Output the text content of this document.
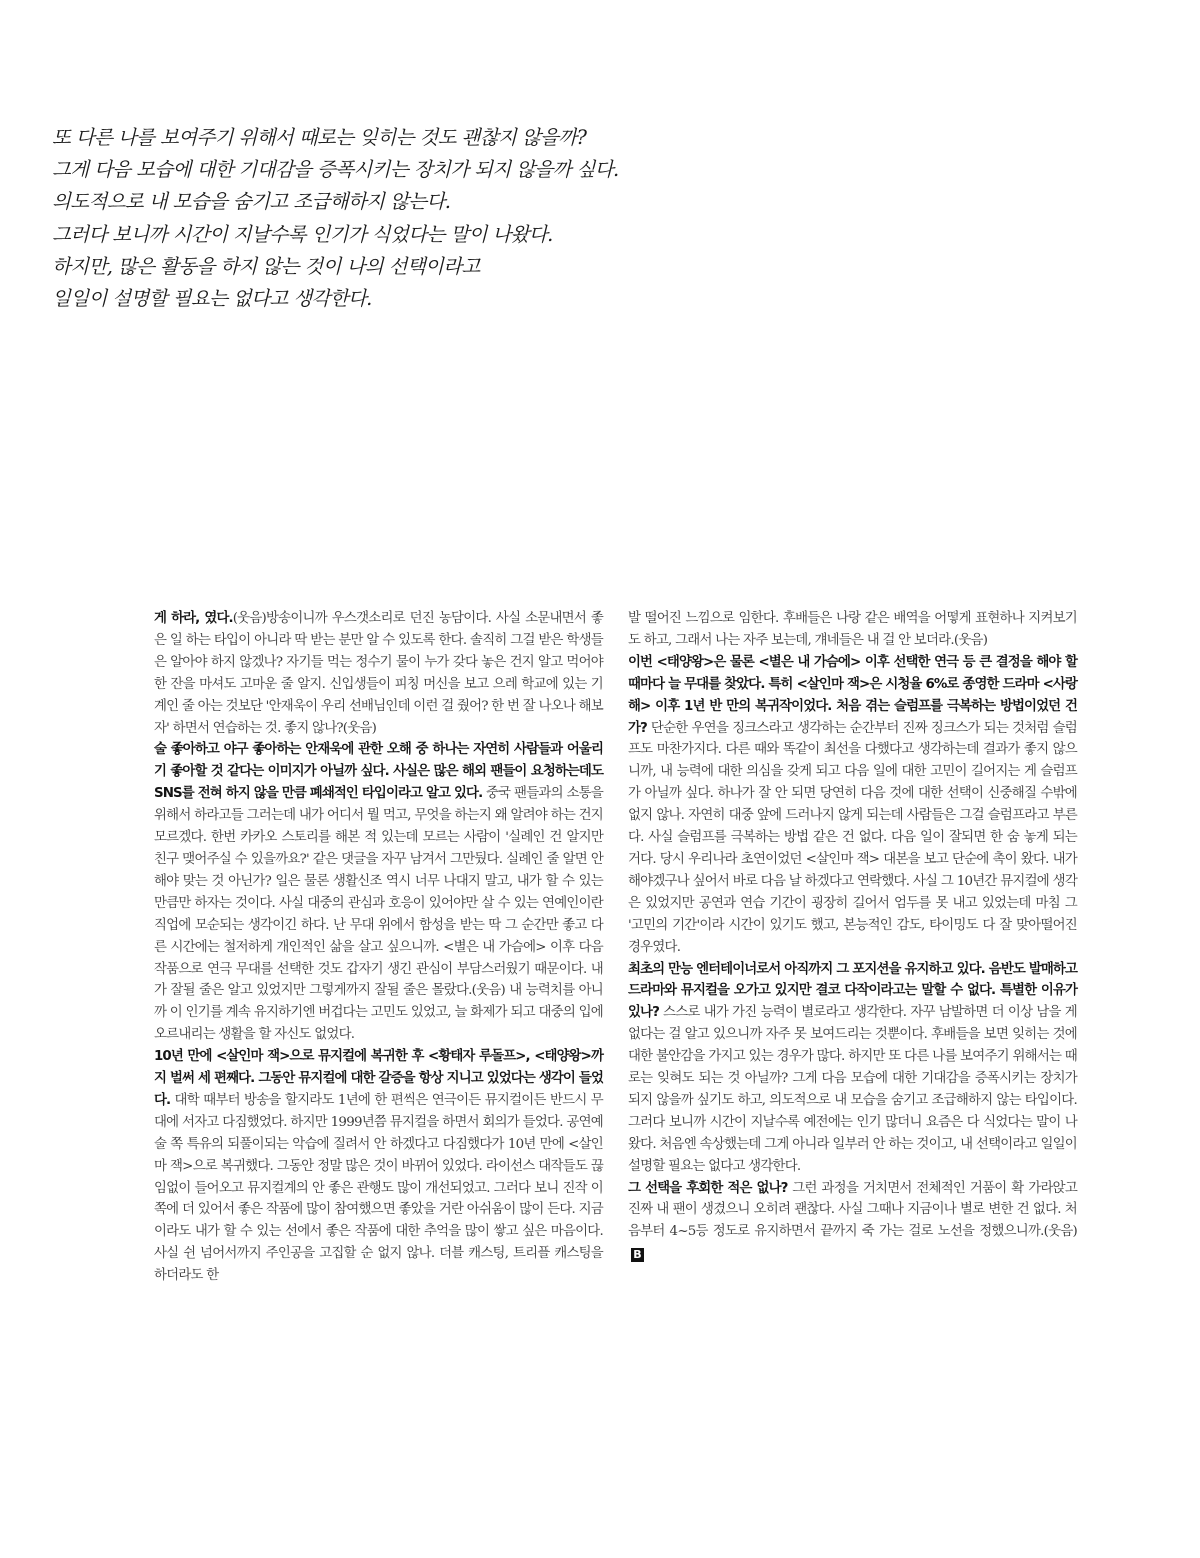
또 다른 나를 보여주기 위해서 때로는 잊히는 것도 괜찮지 않을까?
그게 다음 모습에 대한 기대감을 증폭시키는 장치가 되지 않을까 싶다.
의도적으로 내 모습을 숨기고 조급해하지 않는다.
그러다 보니까 시간이 지날수록 인기가 식었다는 말이 나왔다.
하지만, 많은 활동을 하지 않는 것이 나의 선택이라고
일일이 설명할 필요는 없다고 생각한다.

게 하라, 였다.(웃음)방송이니까 우스갯소리로 던진 농담이다. 사실 소문내면서 좋은 일 하는 타입이 아니라 딱 받는 분만 알 수 있도록 한다. 솔직히 그걸 받은 학생들은 알아야 하지 않겠나? 자기들 먹는 정수기 물이 누가 갖다 놓은 건지 알고 먹어야 한 잔을 마셔도 고마운 줄 알지. 신입생들이 피칭 머신을 보고 으레 학교에 있는 기계인 줄 아는 것보단 '안재욱이 우리 선배님인데 이런 걸 줬어? 한 번 잘 나오나 해보자' 하면서 연습하는 것. 좋지 않나?(웃음)

술 좋아하고 야구 좋아하는 안재욱에 관한 오해 중 하나는 자연히 사람들과 어울리기 좋아할 것 같다는 이미지가 아닐까 싶다. 사실은 많은 해외 팬들이 요청하는데도 SNS를 전혀 하지 않을 만큼 폐쇄적인 타입이라고 알고 있다. 중국 팬들과의 소통을 위해서 하라고들 그러는데 내가 어디서 뭘 먹고, 무엇을 하는지 왜 알려야 하는 건지 모르겠다. 한번 카카오 스토리를 해본 적 있는데 모르는 사람이 '실례인 건 알지만 친구 맺어주실 수 있을까요?' 같은 댓글을 자꾸 남겨서 그만뒀다. 실례인 줄 알면 안 해야 맞는 것 아닌가? 일은 물론 생활신조 역시 너무 나대지 말고, 내가 할 수 있는 만큼만 하자는 것이다. 사실 대중의 관심과 호응이 있어야만 살 수 있는 연예인이란 직업에 모순되는 생각이긴 하다. 난 무대 위에서 함성을 받는 딱 그 순간만 좋고 다른 시간에는 철저하게 개인적인 삶을 살고 싶으니까. <별은 내 가슴에> 이후 다음 작품으로 연극 무대를 선택한 것도 갑자기 생긴 관심이 부담스러웠기 때문이다. 내가 잘될 줄은 알고 있었지만 그렇게까지 잘될 줄은 몰랐다.(웃음) 내 능력치를 아니까 이 인기를 계속 유지하기엔 버겁다는 고민도 있었고, 늘 화제가 되고 대중의 입에 오르내리는 생활을 할 자신도 없었다.

10년 만에 <살인마 잭>으로 뮤지컬에 복귀한 후 <황태자 루돌프>, <태양왕>까지 벌써 세 편째다. 그동안 뮤지컬에 대한 갈증을 항상 지니고 있었다는 생각이 들었다. 대학 때부터 방송을 할지라도 1년에 한 편씩은 연극이든 뮤지컬이든 반드시 무대에 서자고 다짐했었다. 하지만 1999년쯤 뮤지컬을 하면서 회의가 들었다. 공연예술 쪽 특유의 되풀이되는 악습에 질려서 안 하겠다고 다짐했다가 10년 만에 <살인마 잭>으로 복귀했다. 그동안 정말 많은 것이 바뀌어 있었다. 라이선스 대작들도 끊임없이 들어오고 뮤지컬계의 안 좋은 관행도 많이 개선되었고. 그러다 보니 진작 이쪽에 더 있어서 좋은 작품에 많이 참여했으면 좋았을 거란 아쉬움이 많이 든다. 지금이라도 내가 할 수 있는 선에서 좋은 작품에 대한 추억을 많이 쌓고 싶은 마음이다. 사실 쉰 넘어서까지 주인공을 고집할 순 없지 않나. 더블 캐스팅, 트리플 캐스팅을 하더라도 한

발 떨어진 느낌으로 임한다. 후배들은 나랑 같은 배역을 어떻게 표현하나 지켜보기도 하고, 그래서 나는 자주 보는데, 걔네들은 내 걸 안 보더라.(웃음)

이번 <태양왕>은 물론 <별은 내 가슴에> 이후 선택한 연극 등 큰 결정을 해야 할 때마다 늘 무대를 찾았다. 특히 <살인마 잭>은 시청율 6%로 종영한 드라마 <사랑해> 이후 1년 반 만의 복귀작이었다. 처음 겪는 슬럼프를 극복하는 방법이었던 건가? 단순한 우연을 징크스라고 생각하는 순간부터 진짜 징크스가 되는 것처럼 슬럼프도 마찬가지다. 다른 때와 똑같이 최선을 다했다고 생각하는데 결과가 좋지 않으니까, 내 능력에 대한 의심을 갖게 되고 다음 일에 대한 고민이 길어지는 게 슬럼프가 아닐까 싶다. 하나가 잘 안 되면 당연히 다음 것에 대한 선택이 신중해질 수밖에 없지 않나. 자연히 대중 앞에 드러나지 않게 되는데 사람들은 그걸 슬럼프라고 부른다. 사실 슬럼프를 극복하는 방법 같은 건 없다. 다음 일이 잘되면 한 숨 놓게 되는 거다. 당시 우리나라 초연이었던 <살인마 잭> 대본을 보고 단순에 촉이 왔다. 내가 해야겠구나 싶어서 바로 다음 날 하겠다고 연락했다. 사실 그 10년간 뮤지컬에 생각은 있었지만 공연과 연습 기간이 굉장히 길어서 엄두를 못 내고 있었는데 마침 그 '고민의 기간'이라 시간이 있기도 했고, 본능적인 감도, 타이밍도 다 잘 맞아떨어진 경우였다.

최초의 만능 엔터테이너로서 아직까지 그 포지션을 유지하고 있다. 음반도 발매하고 드라마와 뮤지컬을 오가고 있지만 결코 다작이라고는 말할 수 없다. 특별한 이유가 있나? 스스로 내가 가진 능력이 별로라고 생각한다. 자꾸 남발하면 더 이상 남을 게 없다는 걸 알고 있으니까 자주 못 보여드리는 것뿐이다. 후배들을 보면 잊히는 것에 대한 불안감을 가지고 있는 경우가 많다. 하지만 또 다른 나를 보여주기 위해서는 때로는 잊혀도 되는 것 아닐까? 그게 다음 모습에 대한 기대감을 증폭시키는 장치가 되지 않을까 싶기도 하고, 의도적으로 내 모습을 숨기고 조급해하지 않는 타입이다. 그러다 보니까 시간이 지날수록 예전에는 인기 많더니 요즘은 다 식었다는 말이 나왔다. 처음엔 속상했는데 그게 아니라 일부러 안 하는 것이고, 내 선택이라고 일일이 설명할 필요는 없다고 생각한다.

그 선택을 후회한 적은 없나? 그런 과정을 거치면서 전체적인 거품이 확 가라앉고 진짜 내 팬이 생겼으니 오히려 괜찮다. 사실 그때나 지금이나 별로 변한 건 없다. 처음부터 4~5등 정도로 유지하면서 끝까지 죽 가는 걸로 노선을 정했으니까.(웃음)B
